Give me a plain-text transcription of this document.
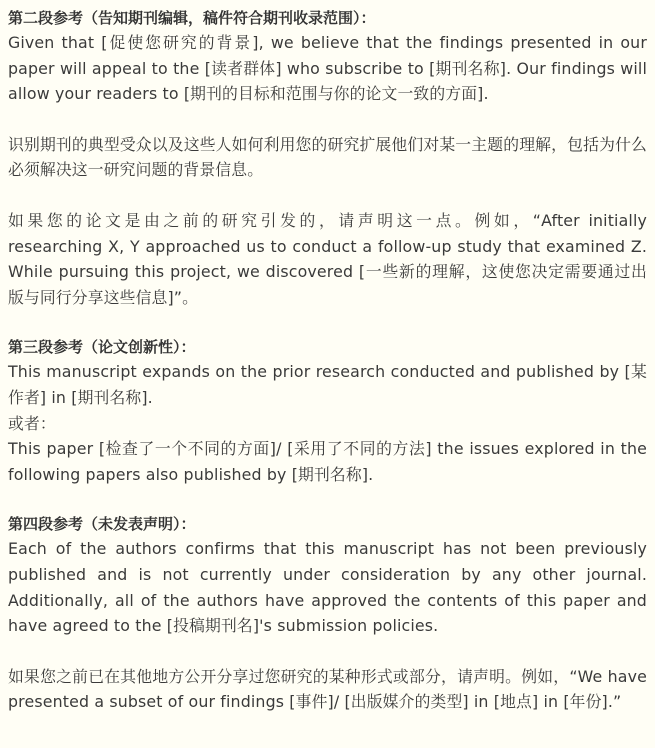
第二段参考（告知期刊编辑，稿件符合期刊收录范围）：

Given that [促使您研究的背景], we believe that the findings presented in our paper will appeal to the [读者群体] who subscribe to [期刊名称]. Our findings will allow your readers to [期刊的目标和范围与你的论文一致的方面].

识别期刊的典型受众以及这些人如何利用您的研究扩展他们对某一主题的理解，包括为什么必须解决这一研究问题的背景信息。

如果您的论文是由之前的研究引发的，请声明这一点。例如，“After initially researching X, Y approached us to conduct a follow-up study that examined Z. While pursuing this project, we discovered [一些新的理解，这使您决定需要通过出版与同行分享这些信息]”。

第三段参考（论文创新性）：

This manuscript expands on the prior research conducted and published by [某作者] in [期刊名称].

或者：

This paper [检查了一个不同的方面]/ [采用了不同的方法] the issues explored in the following papers also published by [期刊名称].

第四段参考（未发表声明）：

Each of the authors confirms that this manuscript has not been previously published and is not currently under consideration by any other journal. Additionally, all of the authors have approved the contents of this paper and have agreed to the [投稿期刊名]'s submission policies.

如果您之前已在其他地方公开分享过您研究的某种形式或部分，请声明。例如，“We have presented a subset of our findings [事件]/ [出版媒介的类型] in [地点] in [年份].”
